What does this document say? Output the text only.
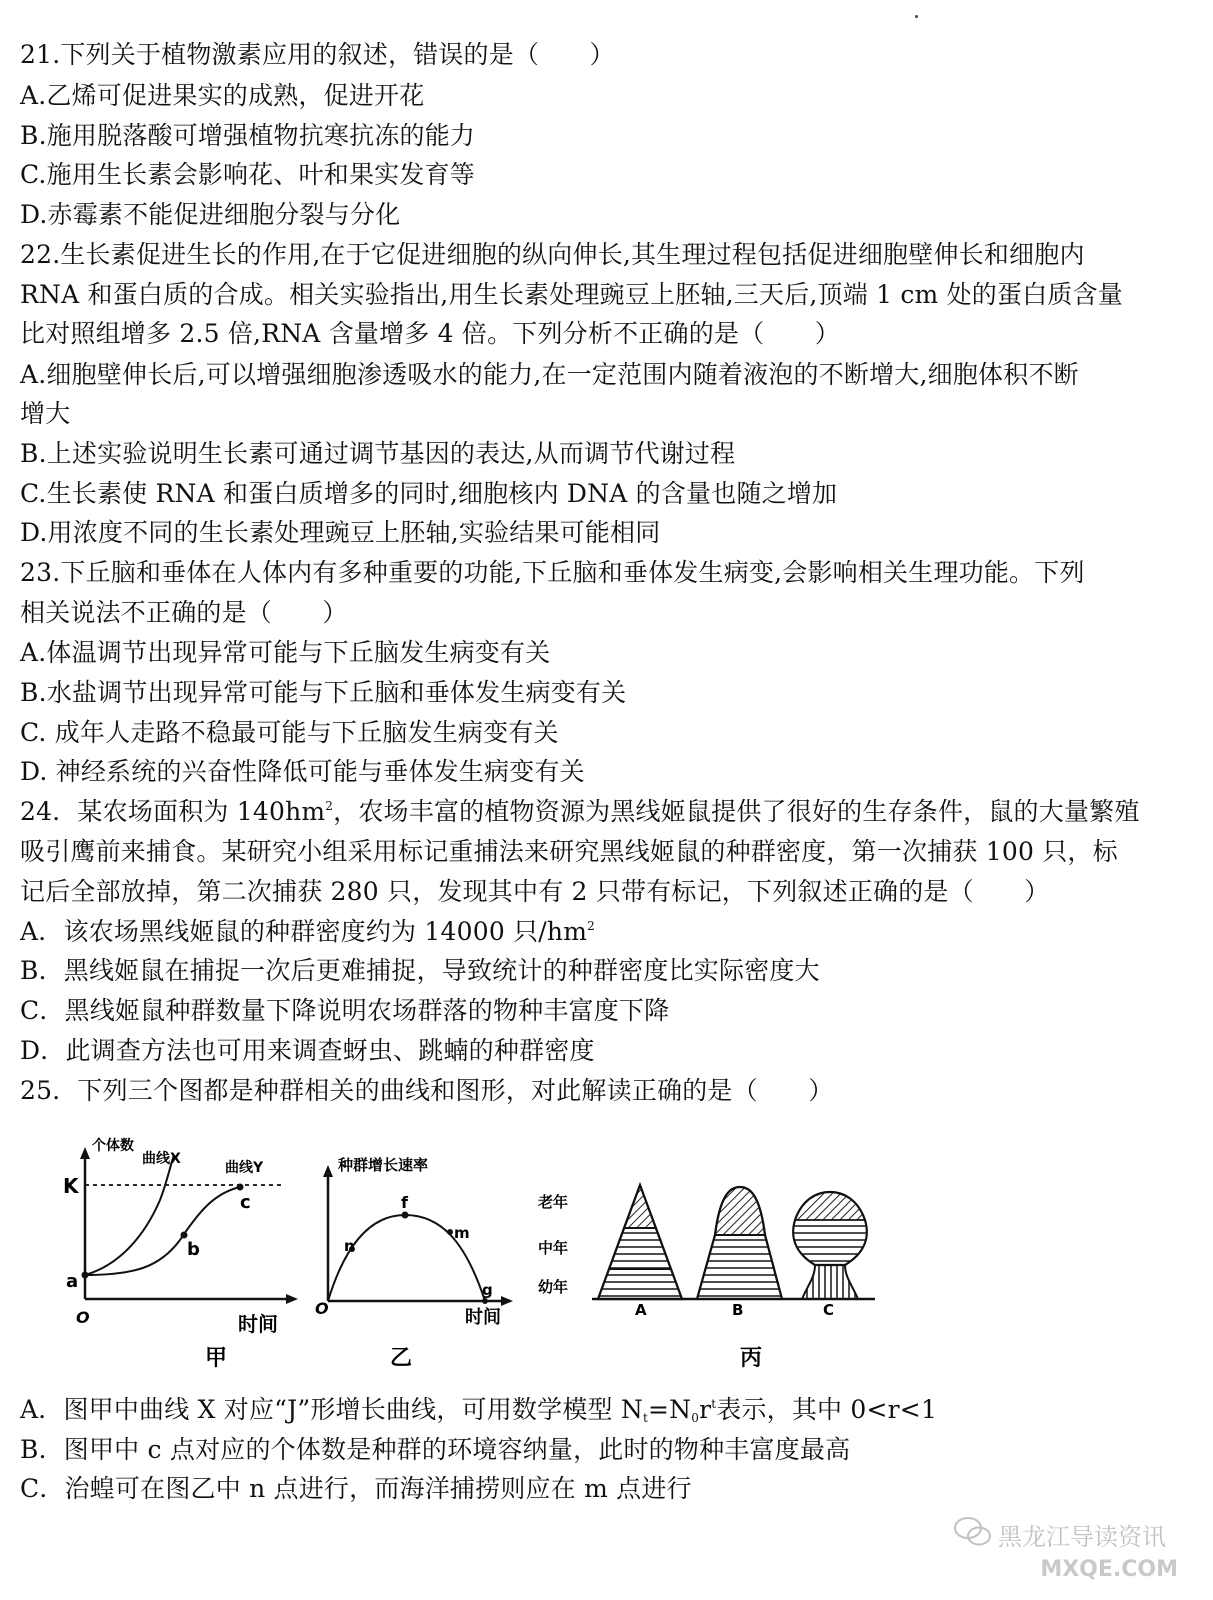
21.下列关于植物激素应用的叙述，错误的是（　　）
A.乙烯可促进果实的成熟，促进开花
B.施用脱落酸可增强植物抗寒抗冻的能力
C.施用生长素会影响花、叶和果实发育等
D.赤霉素不能促进细胞分裂与分化
22.生长素促进生长的作用,在于它促进细胞的纵向伸长,其生理过程包括促进细胞壁伸长和细胞内
RNA 和蛋白质的合成。相关实验指出,用生长素处理豌豆上胚轴,三天后,顶端 1 cm 处的蛋白质含量
比对照组增多 2.5 倍,RNA 含量增多 4 倍。下列分析不正确的是（　　）
A.细胞壁伸长后,可以增强细胞渗透吸水的能力,在一定范围内随着液泡的不断增大,细胞体积不断
增大
B.上述实验说明生长素可通过调节基因的表达,从而调节代谢过程
C.生长素使 RNA 和蛋白质增多的同时,细胞核内 DNA 的含量也随之增加
D.用浓度不同的生长素处理豌豆上胚轴,实验结果可能相同
23.下丘脑和垂体在人体内有多种重要的功能,下丘脑和垂体发生病变,会影响相关生理功能。下列
相关说法不正确的是（　　）
A.体温调节出现异常可能与下丘脑发生病变有关
B.水盐调节出现异常可能与下丘脑和垂体发生病变有关
C. 成年人走路不稳最可能与下丘脑发生病变有关
D. 神经系统的兴奋性降低可能与垂体发生病变有关
24．某农场面积为 $140hm^2$，农场丰富的植物资源为黑线姬鼠提供了很好的生存条件，鼠的大量繁殖
吸引鹰前来捕食。某研究小组采用标记重捕法来研究黑线姬鼠的种群密度，第一次捕获 100 只，标
记后全部放掉，第二次捕获 280 只，发现其中有 2 只带有标记，下列叙述正确的是（　　）
A．该农场黑线姬鼠的种群密度约为 14000 只$/hm^2$
B．黑线姬鼠在捕捉一次后更难捕捉，导致统计的种群密度比实际密度大
C．黑线姬鼠种群数量下降说明农场群落的物种丰富度下降
D．此调查方法也可用来调查蚜虫、跳蝻的种群密度
25．下列三个图都是种群相关的曲线和图形，对此解读正确的是（　　）
个体数
曲线X
曲线Y
K
a
b
c
O	时间
甲
种群增长速率
f
n
m
g
O	时间
乙
老年
中年
幼年
A	B	C
丙
A．图甲中曲线 X 对应“J”形增长曲线，可用数学模型 $N_t=N_0r^t$表示，其中 0<r<1
B．图甲中 c 点对应的个体数是种群的环境容纳量，此时的物种丰富度最高
C．治蝗可在图乙中 n 点进行，而海洋捕捞则应在 m 点进行
黑龙江导读资讯
MXQE.COM
